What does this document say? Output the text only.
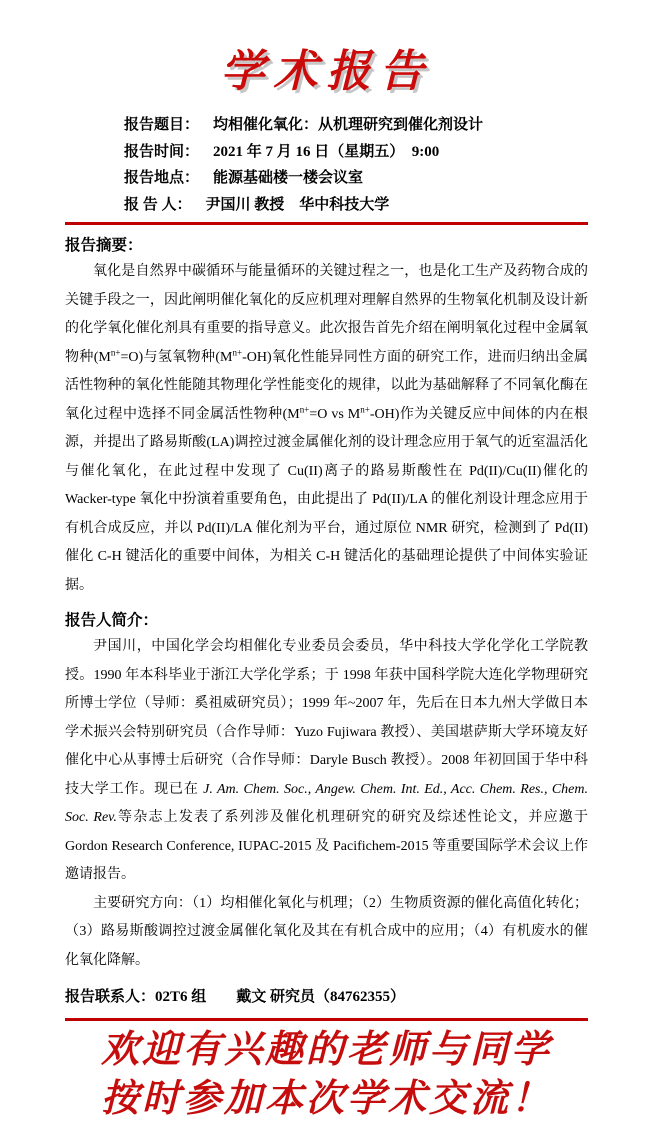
学术报告
报告题目： 均相催化氧化：从机理研究到催化剂设计
报告时间： 2021 年 7 月 16 日（星期五）　9:00
报告地点： 能源基础楼一楼会议室
报 告 人： 尹国川 教授　华中科技大学
报告摘要：

氧化是自然界中碳循环与能量循环的关键过程之一，也是化工生产及药物合成的关键手段之一，因此阐明催化氧化的反应机理对理解自然界的生物氧化机制及设计新的化学氧化催化剂具有重要的指导意义。此次报告首先介绍在阐明氧化过程中金属氧物种$(M^{n+}=O)$与氢氧物种$(M^{n+}-OH)$氧化性能异同性方面的研究工作，进而归纳出金属活性物种的氧化性能随其物理化学性能变化的规律，以此为基础解释了不同氧化酶在氧化过程中选择不同金属活性物种($M^{n+}=O$ vs $M^{n+}-OH$)作为关键反应中间体的内在根源，并提出了路易斯酸(LA)调控过渡金属催化剂的设计理念应用于氧气的近室温活化与催化氧化，在此过程中发现了 Cu(II)离子的路易斯酸性在 Pd(II)/Cu(II)催化的 Wacker-type 氧化中扮演着重要角色，由此提出了 Pd(II)/LA 的催化剂设计理念应用于有机合成反应，并以 Pd(II)/LA 催化剂为平台，通过原位 NMR 研究，检测到了 Pd(II)催化 C-H 键活化的重要中间体，为相关 C-H 键活化的基础理论提供了中间体实验证据。

报告人简介：

尹国川，中国化学会均相催化专业委员会委员，华中科技大学化学化工学院教授。1990 年本科毕业于浙江大学化学系；于 1998 年获中国科学院大连化学物理研究所博士学位（导师：奚祖威研究员）；1999 年~2007 年，先后在日本九州大学做日本学术振兴会特别研究员（合作导师：Yuzo Fujiwara 教授）、美国堪萨斯大学环境友好催化中心从事博士后研究（合作导师：Daryle Busch 教授）。2008 年初回国于华中科技大学工作。现已在 J. Am. Chem. Soc., Angew. Chem. Int. Ed., Acc. Chem. Res., Chem. Soc. Rev.等杂志上发表了系列涉及催化机理研究的研究及综述性论文，并应邀于 Gordon Research Conference, IUPAC-2015 及 Pacifichem-2015 等重要国际学术会议上作邀请报告。

主要研究方向：（1）均相催化氧化与机理；（2）生物质资源的催化高值化转化；（3）路易斯酸调控过渡金属催化氧化及其在有机合成中的应用；（4）有机废水的催化氧化降解。

报告联系人：02T6 组　　戴文 研究员（84762355）

欢迎有兴趣的老师与同学
按时参加本次学术交流！
